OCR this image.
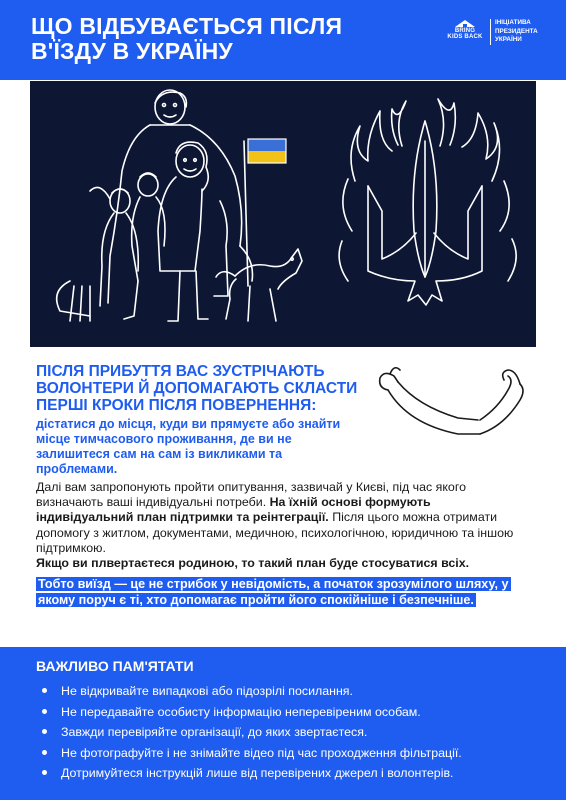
ЩО ВІДБУВАЄТЬСЯ ПІСЛЯ
В'ЇЗДУ В УКРАЇНУ
BRING
KIDS BACK
ІНІЦІАТИВА
ПРЕЗИДЕНТА
УКРАЇНИ
ПІСЛЯ ПРИБУТТЯ ВАС ЗУСТРІЧАЮТЬ ВОЛОНТЕРИ Й ДОПОМАГАЮТЬ СКЛАСТИ ПЕРШІ КРОКИ ПІСЛЯ ПОВЕРНЕННЯ:
дістатися до місця, куди ви прямуєте або знайти місце тимчасового проживання, де ви не залишитеся сам на сам із викликами та проблемами.
Далі вам запропонують пройти опитування, зазвичай у Києві, під час якого визначають ваші індивідуальні потреби. На їхній основі формують індивідуальний план підтримки та реінтеграції. Після цього можна отримати допомогу з житлом, документами, медичною, психологічною, юридичною та іншою підтримкою.
Якщо ви плвертаєтеся родиною, то такий план буде стосуватися всіх.
Тобто виїзд — це не стрибок у невідомість, а початок зрозумілого шляху, у якому поруч є ті, хто допомагає пройти його спокійніше і безпечніше.
ВАЖЛИВО ПАМ'ЯТАТИ
Не відкривайте випадкові або підозрілі посилання.
Не передавайте особисту інформацію неперевіреним особам.
Завжди перевіряйте організації, до яких звертаєтеся.
Не фотографуйте і не знімайте відео під час проходження фільтрації.
Дотримуйтеся інструкцій лише від перевірених джерел і волонтерів.
